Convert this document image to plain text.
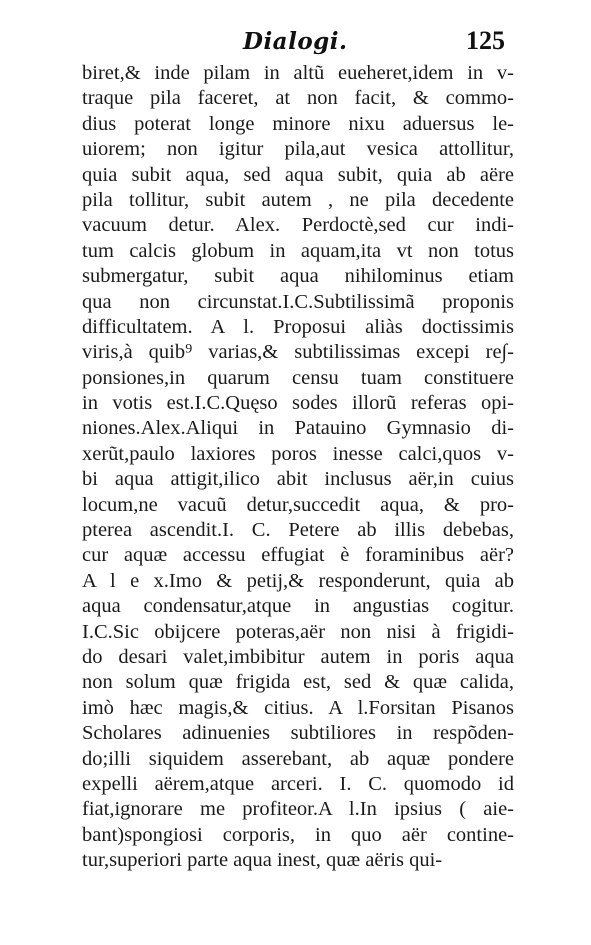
Dialogi.	125
biret,& inde pilam in altũ eueheret,idem in v-
traque pila faceret, at non facit, & commo-
dius poterat longe minore nixu aduersus le-
uiorem; non igitur pila,aut vesica attollitur,
quia subit aqua, sed aqua subit, quia ab aëre
pila tollitur, subit autem , ne pila decedente
vacuum detur. Alex. Perdoctè,sed cur indi-
tum calcis globum in aquam,ita vt non totus
submergatur, subit aqua nihilominus etiam
qua non circunstat.I.C.Subtilissimã proponis
difficultatem. A l. Proposui aliàs doctissimis
viris,à quib⁹ varias,& subtilissimas excepi re∫-
ponsiones,in quarum censu tuam constituere
in votis est.I.C.Quęso sodes illorũ referas opi-
niones.Alex.Aliqui in Patauino Gymnasio di-
xerũt,paulo laxiores poros inesse calci,quos v-
bi aqua attigit,ilico abit inclusus aër,in cuius
locum,ne vacuũ detur,succedit aqua, & pro-
pterea ascendit.I. C. Petere ab illis debebas,
cur aquæ accessu effugiat è foraminibus aër?
A l e x.Imo & petij,& responderunt, quia ab
aqua condensatur,atque in angustias cogitur.
I.C.Sic obijcere poteras,aër non nisi à frigidi-
do desari valet,imbibitur autem in poris aqua
non solum quæ frigida est, sed & quæ calida,
imò hæc magis,& citius. A l.Forsitan Pisanos
Scholares adinuenies subtiliores in respõden-
do;illi siquidem asserebant, ab aquæ pondere
expelli aërem,atque arceri. I. C. quomodo id
fiat,ignorare me profiteor.A l.In ipsius ( aie-
bant)spongiosi corporis, in quo aër contine-
tur,superiori parte aqua inest, quæ aëris qui-
